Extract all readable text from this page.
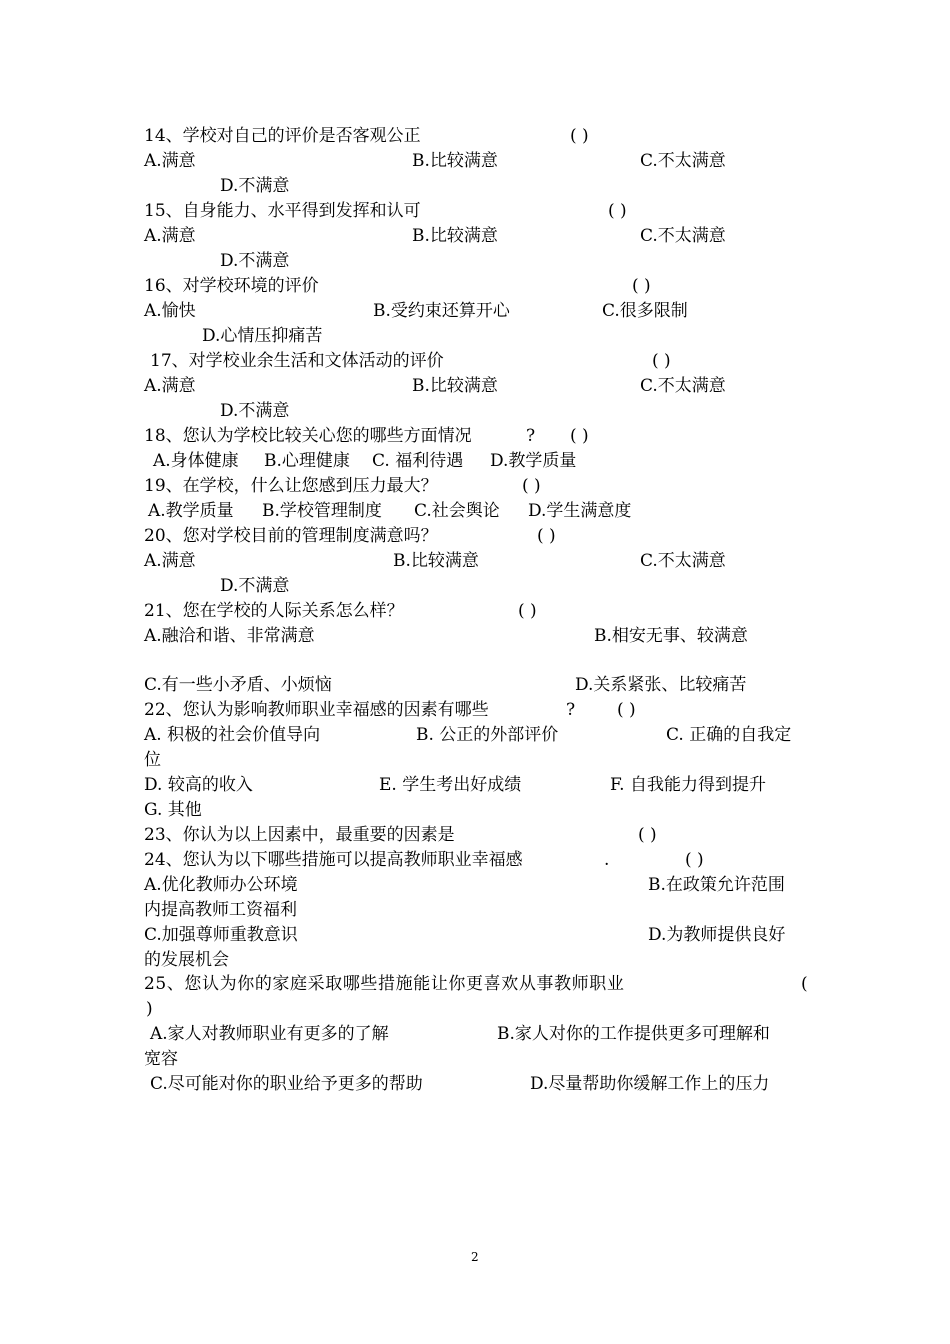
14、学校对自己的评价是否客观公正	( )
A.满意	B.比较满意	C.不太满意
D.不满意
15、自身能力、水平得到发挥和认可	( )
A.满意	B.比较满意	C.不太满意
D.不满意
16、对学校环境的评价	( )
A.愉快	B.受约束还算开心	C.很多限制
D.心情压抑痛苦
17、对学校业余生活和文体活动的评价	( )
A.满意	B.比较满意	C.不太满意
D.不满意
18、您认为学校比较关心您的哪些方面情况	? ( )
A.身体健康 B.心理健康 C. 福利待遇 D.教学质量
19、在学校，什么让您感到压力最大？	( )
A.教学质量 B.学校管理制度 C.社会舆论 D.学生满意度
20、您对学校目前的管理制度满意吗？	( )
A.满意	B.比较满意	C.不太满意
D.不满意
21、您在学校的人际关系怎么样？	( )
A.融洽和谐、非常满意	B.相安无事、较满意
C.有一些小矛盾、小烦恼	D.关系紧张、比较痛苦
22、您认为影响教师职业幸福感的因素有哪些	? ( )
A. 积极的社会价值导向	B. 公正的外部评价	C. 正确的自我定
位
D. 较高的收入	E. 学生考出好成绩	F. 自我能力得到提升
G. 其他
23、你认为以上因素中，最重要的因素是	( )
24、您认为以下哪些措施可以提高教师职业幸福感	.	( )
A.优化教师办公环境	B.在政策允许范围
内提高教师工资福利
C.加强尊师重教意识	D.为教师提供良好
的发展机会
25、您认为你的家庭采取哪些措施能让你更喜欢从事教师职业	(
)
A.家人对教师职业有更多的了解	B.家人对你的工作提供更多可理解和
宽容
C.尽可能对你的职业给予更多的帮助	D.尽量帮助你缓解工作上的压力
2
